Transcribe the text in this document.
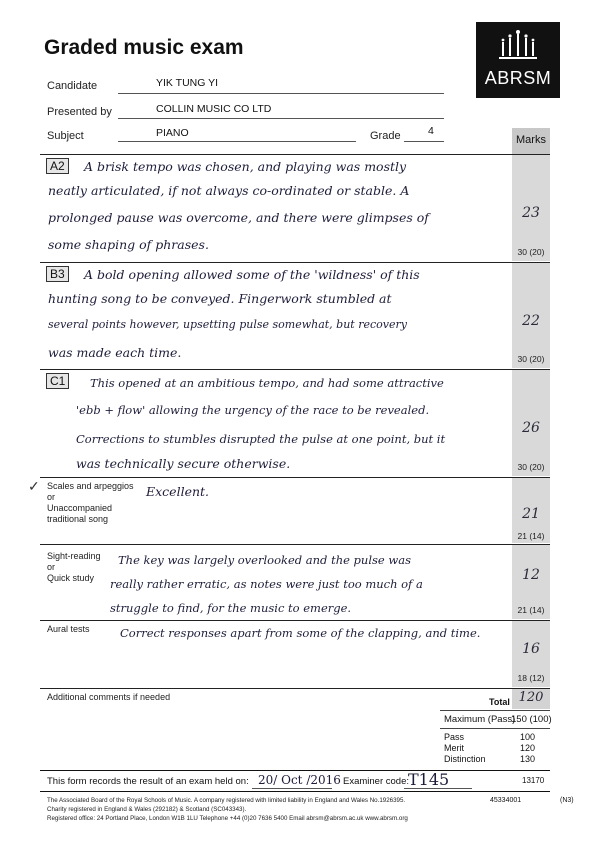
Graded music exam
ABRSM
Candidate	YIK TUNG YI
Presented by	COLLIN MUSIC CO LTD
Subject	PIANO	Grade	4
Marks
A2	A brisk tempo was chosen, and playing was mostly
neatly articulated, if not always co-ordinated or stable. A
prolonged pause was overcome, and there were glimpses of
some shaping of phrases.
23
30 (20)
B3	A bold opening allowed some of the 'wildness' of this
hunting song to be conveyed. Fingerwork stumbled at
several points however, upsetting pulse somewhat, but recovery
was made each time.
22
30 (20)
C1	This opened at an ambitious tempo, and had some attractive
'ebb + flow' allowing the urgency of the race to be revealed.
Corrections to stumbles disrupted the pulse at one point, but it
was technically secure otherwise.
26
30 (20)
✓ Scales and arpeggios
or
Unaccompanied
traditional song
Excellent.
21
21 (14)
Sight-reading
or
Quick study
The key was largely overlooked and the pulse was
really rather erratic, as notes were just too much of a
struggle to find, for the music to emerge.
12
21 (14)
Aural tests	Correct responses apart from some of the clapping, and time.
16
18 (12)
Additional comments if needed	Total 120
Maximum (Pass)
150 (100)
Pass	100
Merit	120
Distinction	130
This form records the result of an exam held on: 20/ Oct /2016 Examiner code:
T145	13170
The Associated Board of the Royal Schools of Music. A company registered with limited liability in England and Wales No.1926395.
Charity registered in England & Wales (292182) & Scotland (SC043343).
Registered office: 24 Portland Place, London W1B 1LU Telephone +44 (0)20 7636 5400 Email abrsm@abrsm.ac.uk www.abrsm.org
45334001	(N3)
